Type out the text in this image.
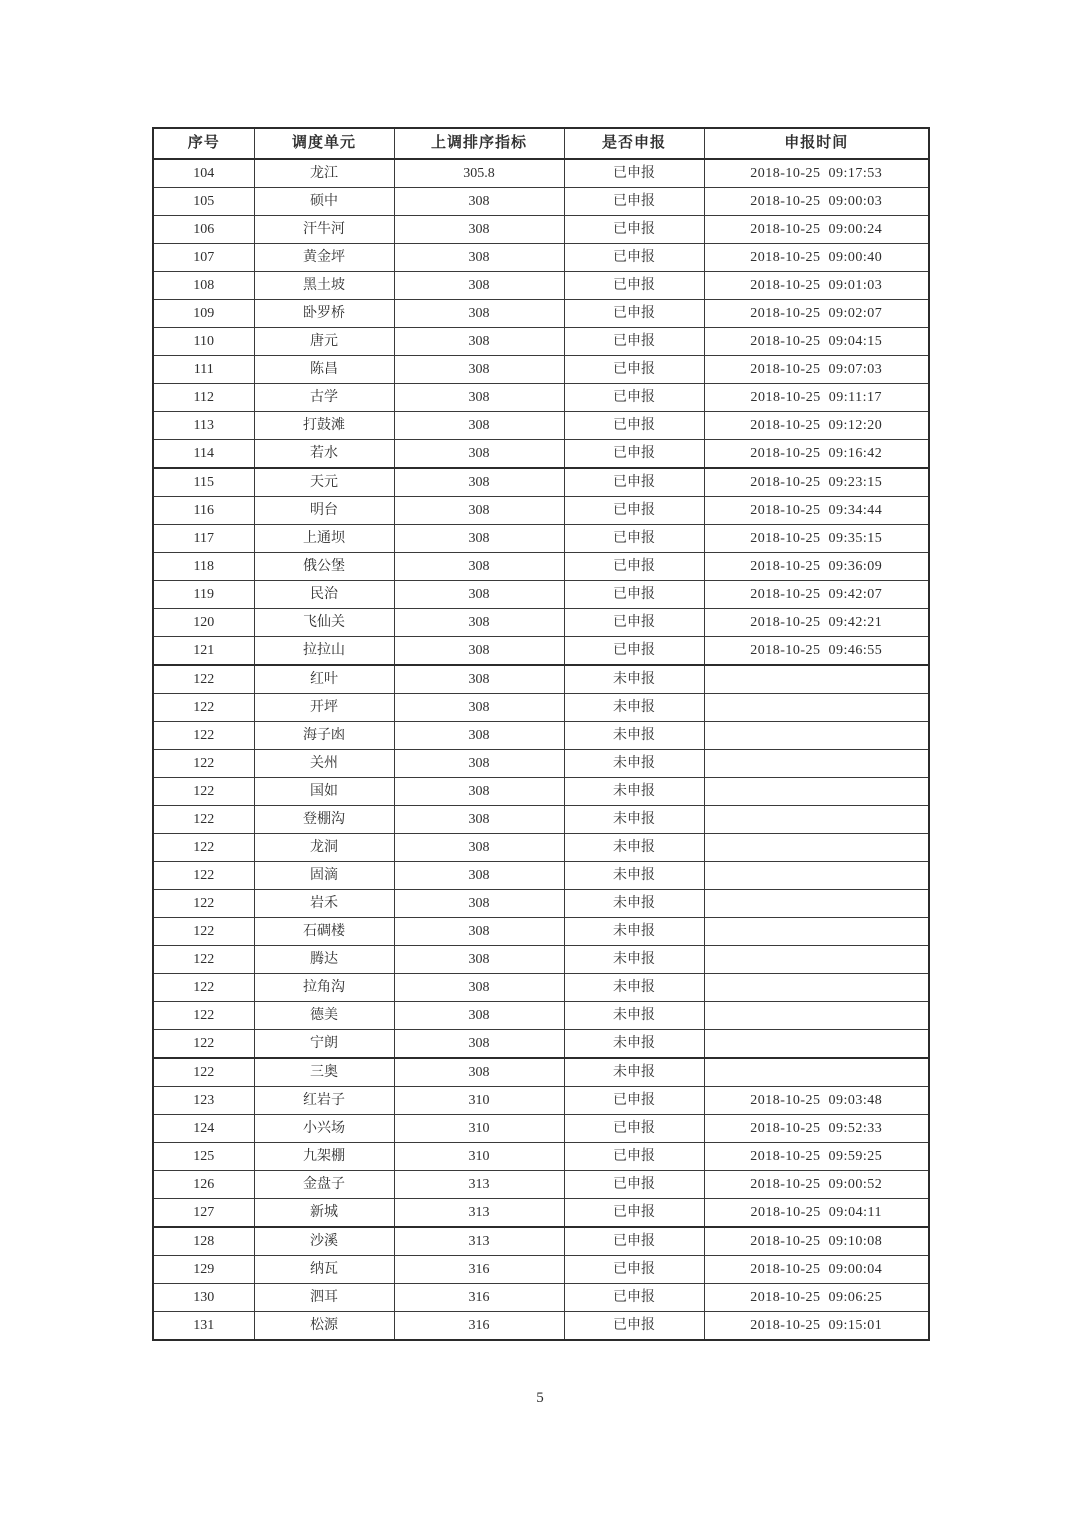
序号	调度单元	上调排序指标	是否申报	申报时间
104	龙江	305.8	已申报	2018-10-25  09:17:53
105	硕中	308	已申报	2018-10-25  09:00:03
106	汗牛河	308	已申报	2018-10-25  09:00:24
107	黄金坪	308	已申报	2018-10-25  09:00:40
108	黑土坡	308	已申报	2018-10-25  09:01:03
109	卧罗桥	308	已申报	2018-10-25  09:02:07
110	唐元	308	已申报	2018-10-25  09:04:15
111	陈昌	308	已申报	2018-10-25  09:07:03
112	古学	308	已申报	2018-10-25  09:11:17
113	打鼓滩	308	已申报	2018-10-25  09:12:20
114	若水	308	已申报	2018-10-25  09:16:42
115	天元	308	已申报	2018-10-25  09:23:15
116	明台	308	已申报	2018-10-25  09:34:44
117	上通坝	308	已申报	2018-10-25  09:35:15
118	俄公堡	308	已申报	2018-10-25  09:36:09
119	民治	308	已申报	2018-10-25  09:42:07
120	飞仙关	308	已申报	2018-10-25  09:42:21
121	拉拉山	308	已申报	2018-10-25  09:46:55
122	红叶	308	未申报	
122	开坪	308	未申报	
122	海子凼	308	未申报	
122	关州	308	未申报	
122	国如	308	未申报	
122	登棚沟	308	未申报	
122	龙洞	308	未申报	
122	固滴	308	未申报	
122	岩禾	308	未申报	
122	石碉楼	308	未申报	
122	腾达	308	未申报	
122	拉角沟	308	未申报	
122	德美	308	未申报	
122	宁朗	308	未申报	
122	三奥	308	未申报	
123	红岩子	310	已申报	2018-10-25  09:03:48
124	小兴场	310	已申报	2018-10-25  09:52:33
125	九架棚	310	已申报	2018-10-25  09:59:25
126	金盘子	313	已申报	2018-10-25  09:00:52
127	新城	313	已申报	2018-10-25  09:04:11
128	沙溪	313	已申报	2018-10-25  09:10:08
129	纳瓦	316	已申报	2018-10-25  09:00:04
130	泗耳	316	已申报	2018-10-25  09:06:25
131	松源	316	已申报	2018-10-25  09:15:01
5
